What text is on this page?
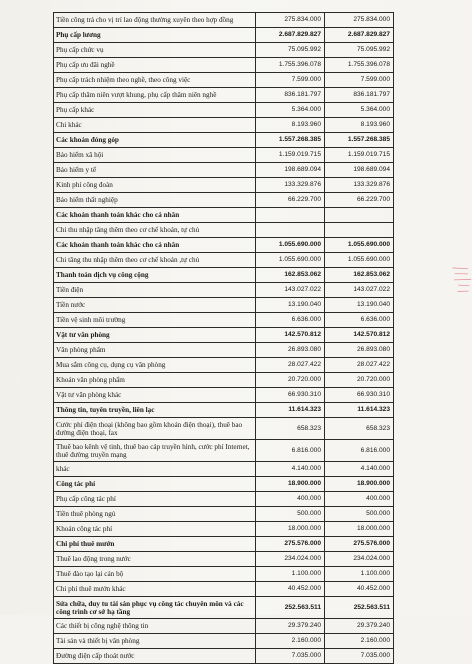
Tiền công trả cho vị trí lao động thường xuyên theo hợp đồng	275.834.000	275.834.000
Phụ cấp lương	2.687.829.827	2.687.829.827
Phụ cấp chức vụ	75.095.992	75.095.992
Phụ cấp ưu đãi nghề	1.755.396.078	1.755.396.078
Phụ cấp trách nhiệm theo nghề, theo công việc	7.599.000	7.599.000
Phụ cấp thâm niên vượt khung, phụ cấp thâm niên nghề	836.181.797	836.181.797
Phụ cấp khác	5.364.000	5.364.000
Chi khác	8.193.960	8.193.960
Các khoản đóng góp	1.557.268.385	1.557.268.385
Bảo hiểm xã hội	1.159.019.715	1.159.019.715
Bảo hiểm y tế	198.689.094	198.689.094
Kinh phí công đoàn	133.329.876	133.329.876
Bảo hiểm thất nghiệp	66.229.700	66.229.700
Các khoản thanh toán khác cho cá nhân		
Chi thu nhập tăng thêm theo cơ chế khoán, tự chủ		
Các khoản thanh toán khác cho cá nhân	1.055.690.000	1.055.690.000
Chi tăng thu nhập thêm theo cơ chế khoán ,tự chủ	1.055.690.000	1.055.690.000
Thanh toán dịch vụ công cộng	162.853.062	162.853.062
Tiền điện	143.027.022	143.027.022
Tiền nước	13.190.040	13.190.040
Tiền vệ sinh môi trường	6.636.000	6.636.000
Vật tư văn phòng	142.570.812	142.570.812
Văn phòng phẩm	26.893.080	26.893.080
Mua sắm công cụ, dụng cụ văn phòng	28.027.422	28.027.422
Khoán văn phòng phẩm	20.720.000	20.720.000
Vật tư văn phòng khác	66.930.310	66.930.310
Thông tin, tuyên truyền, liên lạc	11.614.323	11.614.323
Cước phí điện thoại (không bao gồm khoán điện thoại), thuê bao đường điện thoại, fax	658.323	658.323
Thuê bao kênh vệ tinh, thuê bao cáp truyền hình, cước phí Internet, thuê đường truyền mạng	6.816.000	6.816.000
khác	4.140.000	4.140.000
Công tác phí	18.900.000	18.900.000
Phụ cấp công tác phí	400.000	400.000
Tiền thuê phòng ngủ	500.000	500.000
Khoán công tác phí	18.000.000	18.000.000
Chi phí thuê mướn	275.576.000	275.576.000
Thuê lao động trong nước	234.024.000	234.024.000
Thuê đào tạo lại cán bộ	1.100.000	1.100.000
Chi phí thuê mướn khác	40.452.000	40.452.000
Sửa chữa, duy tu tài sản phục vụ công tác chuyên môn và các công trình cơ sở hạ tầng	252.563.511	252.563.511
Các thiết bị công nghệ thông tin	29.379.240	29.379.240
Tài sản và thiết bị văn phòng	2.160.000	2.160.000
Đường điện cấp thoát nước	7.035.000	7.035.000
